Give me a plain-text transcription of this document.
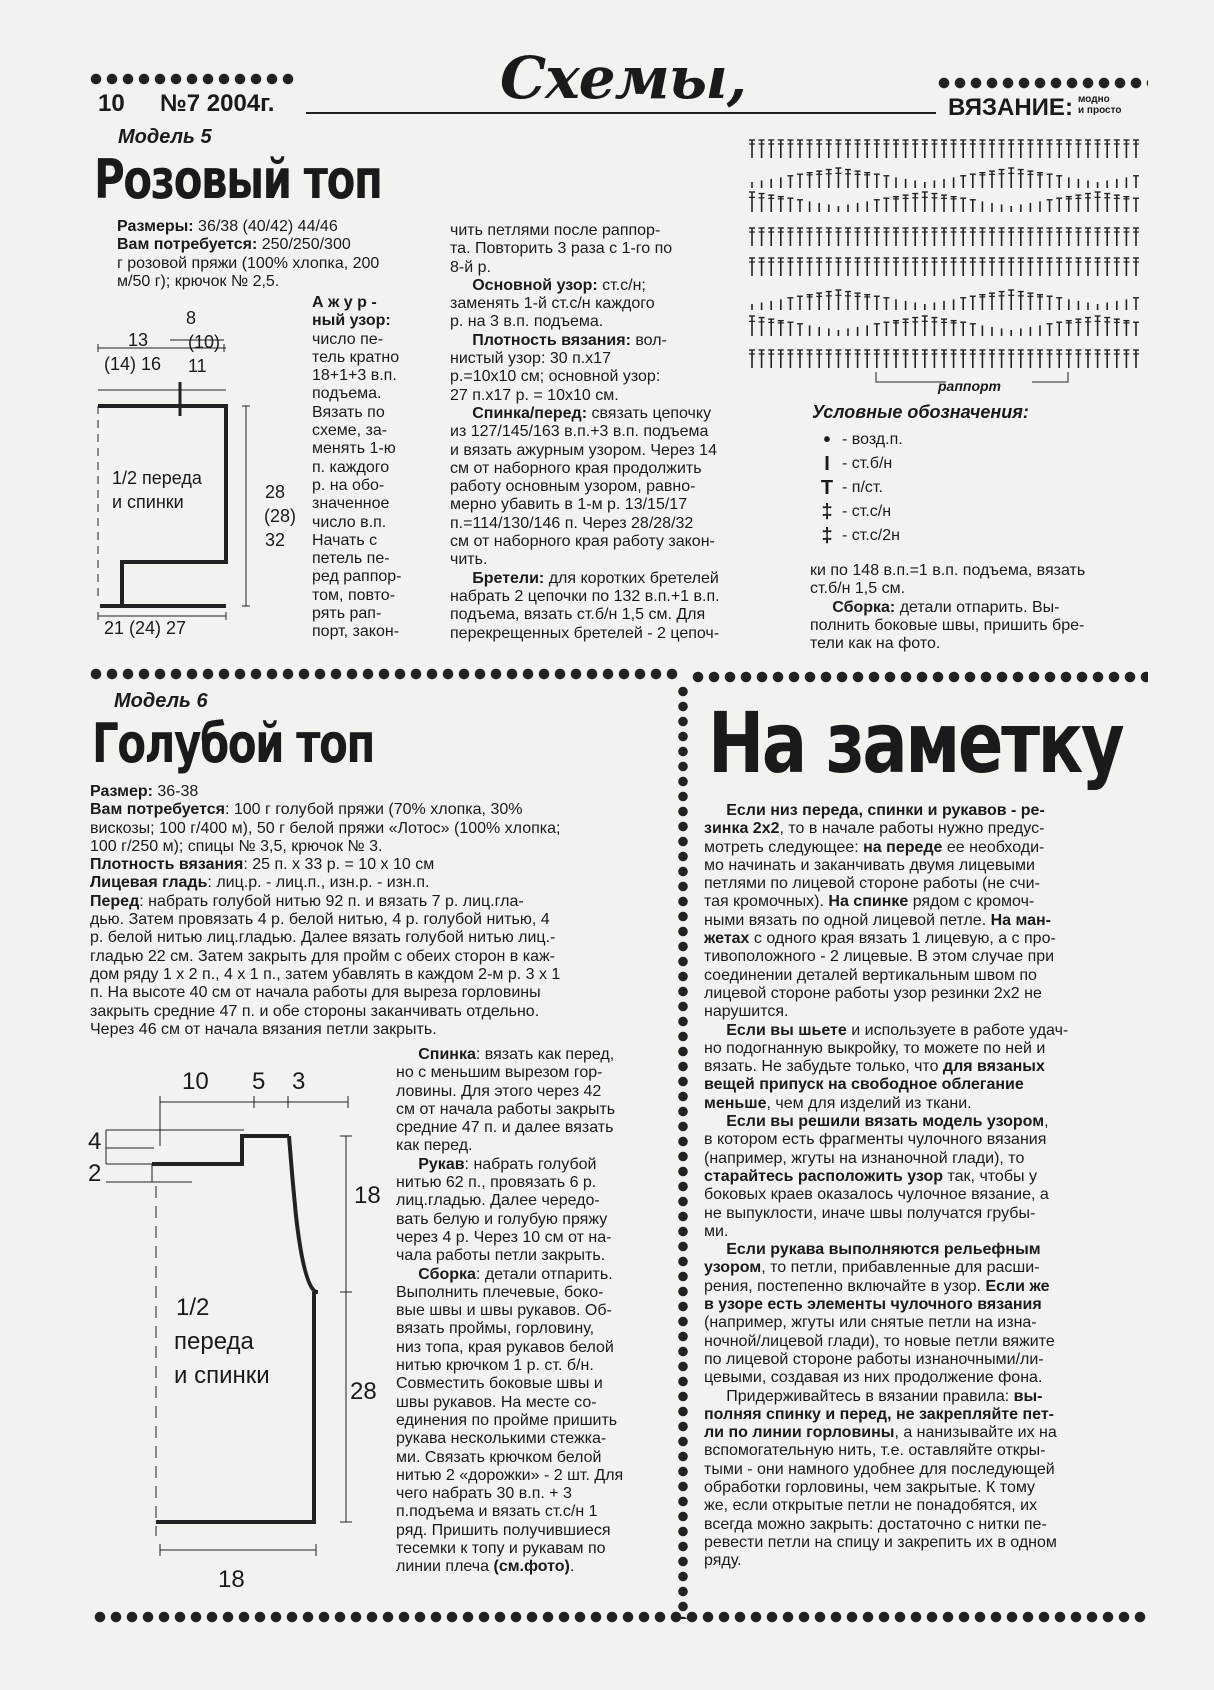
10 №7 2004г.	Схемы,	ВЯЗАНИЕ: модно
и просто
Модель 5
Розовый топ

Размеры: 36/38 (40/42) 44/46

Вам потребуется: 250/250/300

г розовой пряжи (100% хлопка, 200

м/50 г); крючок № 2,5.

А ж у р -

ный узор:

число пе-

тель кратно

18+1+3 в.п.

подъема.

Вязать по

схеме, за-

менять 1-ю

п. каждого

р. на обо-

значенное

число в.п.

Начать с

петель пе-

ред раппор-

том, повто-

рять рап-

порт, закон-

8
(10)
13
(14) 16 11
1/2 переда
и спинки	28
(28)
32
21 (24) 27

чить петлями после раппор-

та. Повторить 3 раза с 1-го по

8-й р.

Основной узор: ст.с/н;

заменять 1-й ст.с/н каждого

р. на 3 в.п. подъема.

Плотность вязания: вол-

нистый узор: 30 п.х17

р.=10х10 см; основной узор:

27 п.х17 р. = 10х10 см.

Спинка/перед: связать цепочку

из 127/145/163 в.п.+3 в.п. подъема

и вязать ажурным узором. Через 14

см от наборного края продолжить

работу основным узором, равно-

мерно убавить в 1-м р. 13/15/17

п.=114/130/146 п. Через 28/28/32

см от наборного края работу закон-

чить.

Бретели: для коротких бретелей

набрать 2 цепочки по 132 в.п.+1 в.п.

подъема, вязать ст.б/н 1,5 см. Для

перекрещенных бретелей - 2 цепоч-

раппорт
Условные обозначения:
• - возд.п.
I - ст.б/н
T - п/ст.
‡ - ст.с/н
‡ - ст.с/2н

ки по 148 в.п.=1 в.п. подъема, вязать

ст.б/н 1,5 см.

Сборка: детали отпарить. Вы-

полнить боковые швы, пришить бре-

тели как на фото.

Модель 6
Голубой топ

Размер: 36-38

Вам потребуется: 100 г голубой пряжи (70% хлопка, 30%

вискозы; 100 г/400 м), 50 г белой пряжи «Лотос» (100% хлопка;

100 г/250 м); спицы № 3,5, крючок № 3.

Плотность вязания: 25 п. х 33 р. = 10 х 10 см

Лицевая гладь: лиц.р. - лиц.п., изн.р. - изн.п.

Перед: набрать голубой нитью 92 п. и вязать 7 р. лиц.гла-

дью. Затем провязать 4 р. белой нитью, 4 р. голубой нитью, 4

р. белой нитью лиц.гладью. Далее вязать голубой нитью лиц.-

гладью 22 см. Затем закрыть для пройм с обеих сторон в каж-

дом ряду 1 х 2 п., 4 х 1 п., затем убавлять в каждом 2-м р. 3 х 1

п. На высоте 40 см от начала работы для выреза горловины

закрыть средние 47 п. и обе стороны заканчивать отдельно.

Через 46 см от начала вязания петли закрыть.

10 5 3
4
2
18
28
18
1/2
переда
и спинки

Спинка: вязать как перед,

но с меньшим вырезом гор-

ловины. Для этого через 42

см от начала работы закрыть

средние 47 п. и далее вязать

как перед.

Рукав: набрать голубой

нитью 62 п., провязать 6 р.

лиц.гладью. Далее чередо-

вать белую и голубую пряжу

через 4 р. Через 10 см от на-

чала работы петли закрыть.

Сборка: детали отпарить.

Выполнить плечевые, боко-

вые швы и швы рукавов. Об-

вязать проймы, горловину,

низ топа, края рукавов белой

нитью крючком 1 р. ст. б/н.

Совместить боковые швы и

швы рукавов. На месте со-

единения по пройме пришить

рукава несколькими стежка-

ми. Связать крючком белой

нитью 2 «дорожки» - 2 шт. Для

чего набрать 30 в.п. + 3

п.подъема и вязать ст.с/н 1

ряд. Пришить получившиеся

тесемки к топу и рукавам по

линии плеча (см.фото).

На заметку

Если низ переда, спинки и рукавов - ре-

зинка 2х2, то в начале работы нужно предус-

мотреть следующее: на переде ее необходи-

мо начинать и заканчивать двумя лицевыми

петлями по лицевой стороне работы (не счи-

тая кромочных). На спинке рядом с кромоч-

ными вязать по одной лицевой петле. На ман-

жетах с одного края вязать 1 лицевую, а с про-

тивоположного - 2 лицевые. В этом случае при

соединении деталей вертикальным швом по

лицевой стороне работы узор резинки 2х2 не

нарушится.

Если вы шьете и используете в работе удач-

но подогнанную выкройку, то можете по ней и

вязать. Не забудьте только, что для вязаных

вещей припуск на свободное облегание

меньше, чем для изделий из ткани.

Если вы решили вязать модель узором,

в котором есть фрагменты чулочного вязания

(например, жгуты на изнаночной глади), то

старайтесь расположить узор так, чтобы у

боковых краев оказалось чулочное вязание, а

не выпуклости, иначе швы получатся грубы-

ми.

Если рукава выполняются рельефным

узором, то петли, прибавленные для расши-

рения, постепенно включайте в узор. Если же

в узоре есть элементы чулочного вязания

(например, жгуты или снятые петли на изна-

ночной/лицевой глади), то новые петли вяжите

по лицевой стороне работы изнаночными/ли-

цевыми, создавая из них продолжение фона.

Придерживайтесь в вязании правила: вы-

полняя спинку и перед, не закрепляйте пет-

ли по линии горловины, а нанизывайте их на

вспомогательную нить, т.е. оставляйте откры-

тыми - они намного удобнее для последующей

обработки горловины, чем закрытые. К тому

же, если открытые петли не понадобятся, их

всегда можно закрыть: достаточно с нитки пе-

ревести петли на спицу и закрепить их в одном

ряду.
